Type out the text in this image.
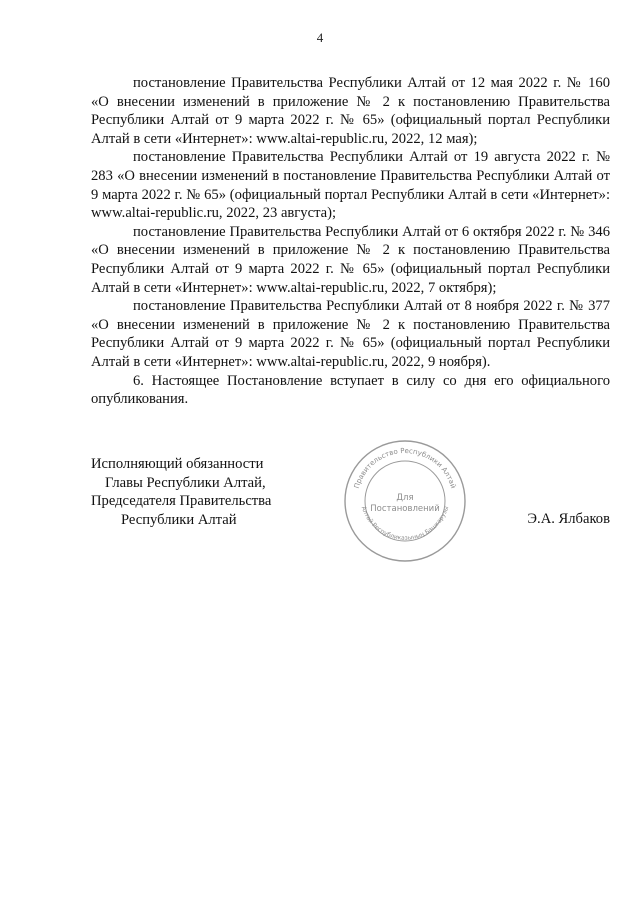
4

постановление Правительства Республики Алтай от 12 мая 2022 г. № 160 «О внесении изменений в приложение № 2 к постановлению Правительства Республики Алтай от 9 марта 2022 г. № 65» (официальный портал Республики Алтай в сети «Интернет»: www.altai-republic.ru, 2022, 12 мая);

постановление Правительства Республики Алтай от 19 августа 2022 г. № 283 «О внесении изменений в постановление Правительства Республики Алтай от 9 марта 2022 г. № 65» (официальный портал Республики Алтай в сети «Интернет»: www.altai-republic.ru, 2022, 23 августа);

постановление Правительства Республики Алтай от 6 октября 2022 г. № 346 «О внесении изменений в приложение № 2 к постановлению Правительства Республики Алтай от 9 марта 2022 г. № 65» (официальный портал Республики Алтай в сети «Интернет»: www.altai-republic.ru, 2022, 7 октября);

постановление Правительства Республики Алтай от 8 ноября 2022 г. № 377 «О внесении изменений в приложение № 2 к постановлению Правительства Республики Алтай от 9 марта 2022 г. № 65» (официальный портал Республики Алтай в сети «Интернет»: www.altai-republic.ru, 2022, 9 ноября).

6. Настоящее Постановление вступает в силу со дня его официального опубликования.

Исполняющий обязанности
Главы Республики Алтай,
Председателя Правительства
Республики Алтай	Э.А. Ялбаков
Правительство Республики Алтай
Алтай Республиказының Башкарузы
Для
Постановлений
